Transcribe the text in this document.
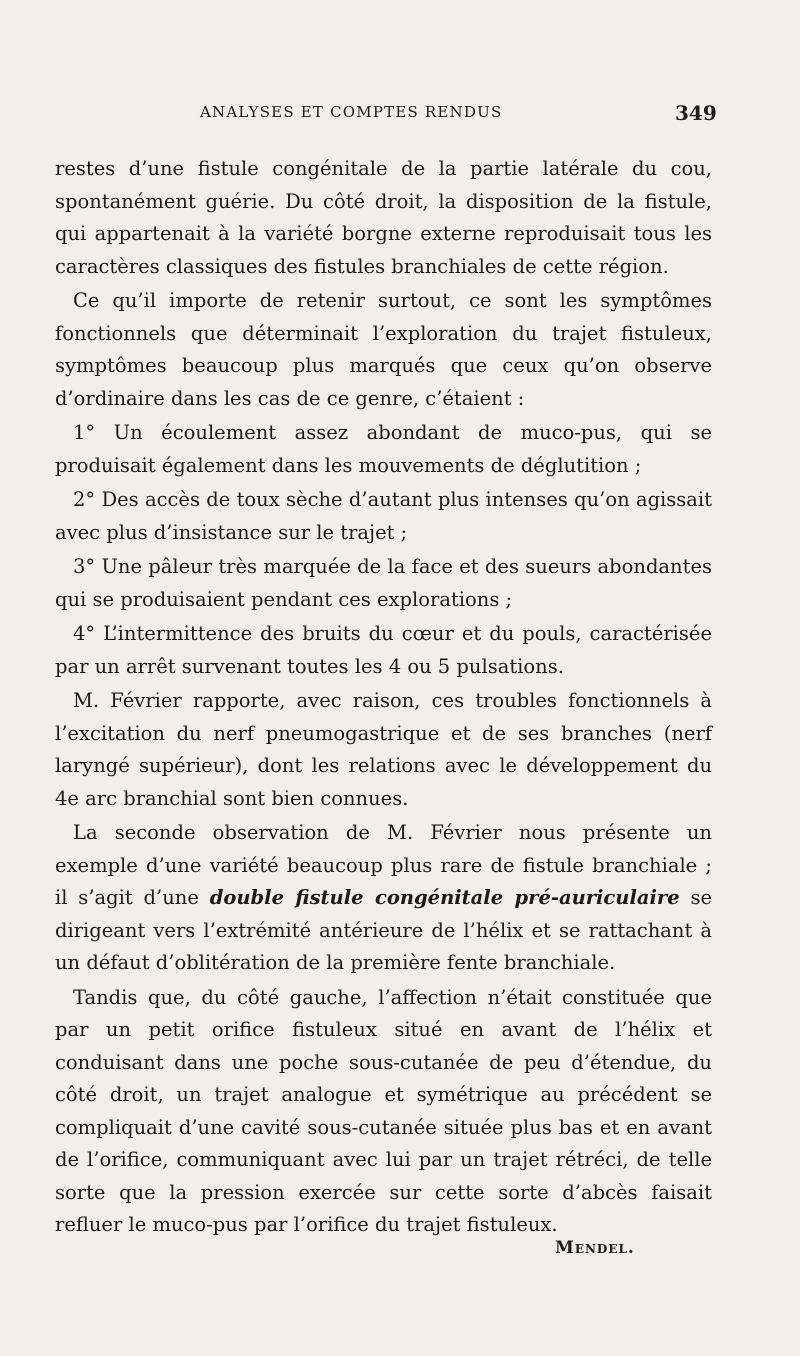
ANALYSES ET COMPTES RENDUS	349

restes d’une fistule congénitale de la partie latérale du cou, spontanément guérie. Du côté droit, la disposition de la fistule, qui appartenait à la variété borgne externe reproduisait tous les caractères classiques des fistules branchiales de cette région.

Ce qu’il importe de retenir surtout, ce sont les symptômes fonctionnels que déterminait l’exploration du trajet fistuleux, symptômes beaucoup plus marqués que ceux qu’on observe d’ordinaire dans les cas de ce genre, c’étaient :

1° Un écoulement assez abondant de muco-pus, qui se produisait également dans les mouvements de déglutition ;

2° Des accès de toux sèche d’autant plus intenses qu’on agissait avec plus d’insistance sur le trajet ;

3° Une pâleur très marquée de la face et des sueurs abondantes qui se produisaient pendant ces explorations ;

4° L’intermittence des bruits du cœur et du pouls, caractérisée par un arrêt survenant toutes les 4 ou 5 pulsations.

M. Février rapporte, avec raison, ces troubles fonctionnels à l’excitation du nerf pneumogastrique et de ses branches (nerf laryngé supérieur), dont les relations avec le développement du 4e arc branchial sont bien connues.

La seconde observation de M. Février nous présente un exemple d’une variété beaucoup plus rare de fistule branchiale ; il s’agit d’une double fistule congénitale pré-auriculaire se dirigeant vers l’extrémité antérieure de l’hélix et se rattachant à un défaut d’oblitération de la première fente branchiale.

Tandis que, du côté gauche, l’affection n’était constituée que par un petit orifice fistuleux situé en avant de l’hélix et conduisant dans une poche sous-cutanée de peu d’étendue, du côté droit, un trajet analogue et symétrique au précédent se compliquait d’une cavité sous-cutanée située plus bas et en avant de l’orifice, communiquant avec lui par un trajet rétréci, de telle sorte que la pression exercée sur cette sorte d’abcès faisait refluer le muco-pus par l’orifice du trajet fistuleux.

Mendel.
